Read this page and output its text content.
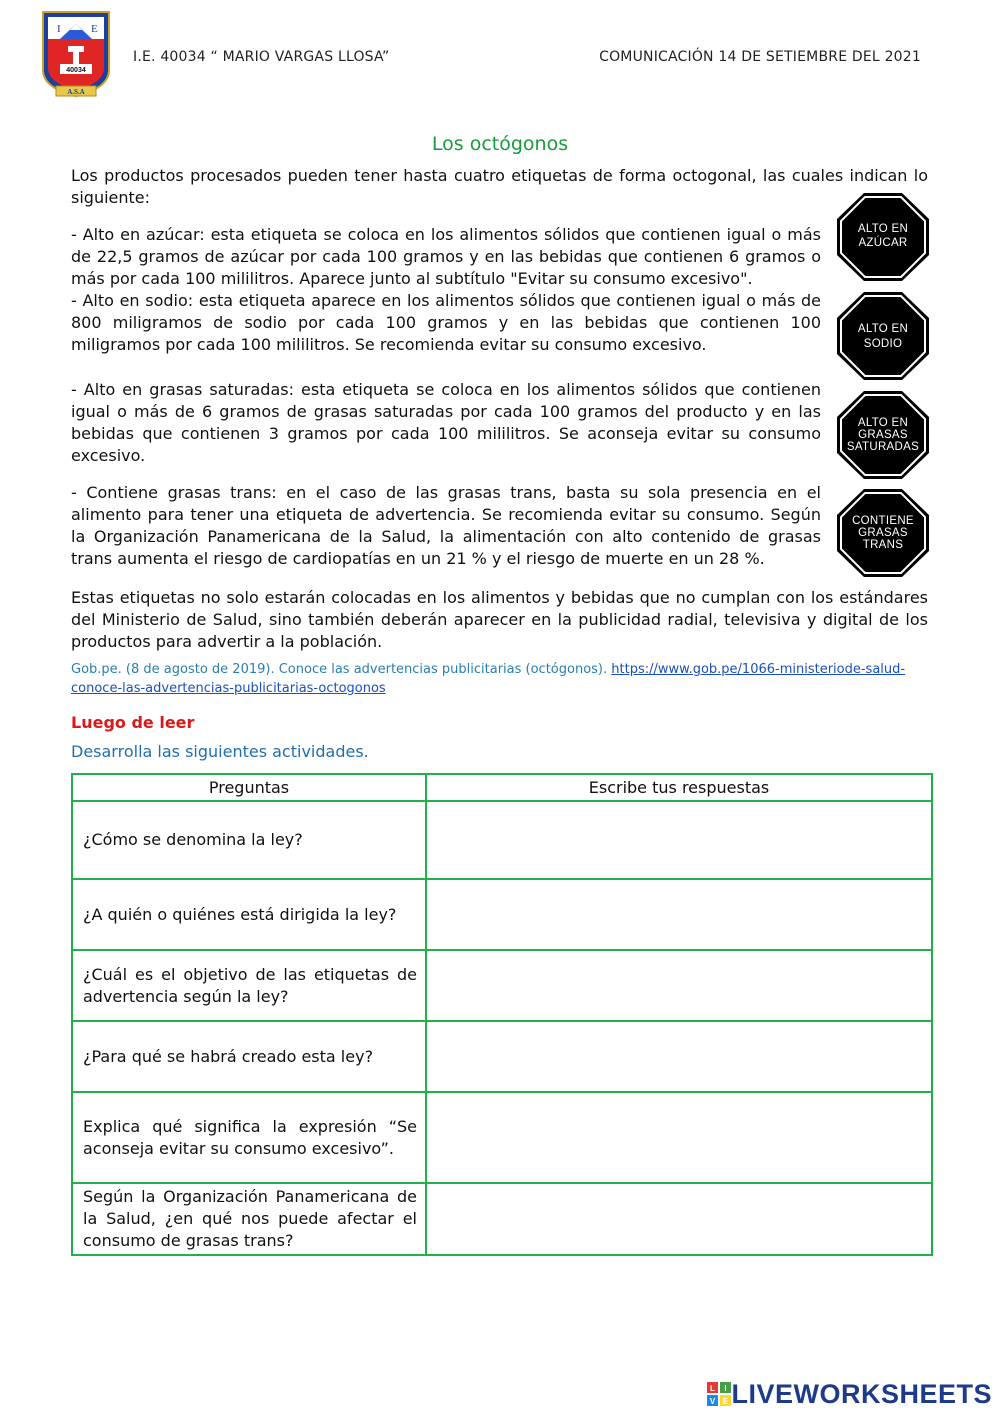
I	E
40034
A.S.A
I.E. 40034 “ MARIO VARGAS LLOSA”	COMUNICACIÓN 14 DE SETIEMBRE DEL 2021
Los octógonos
Los productos procesados pueden tener hasta cuatro etiquetas de forma octogonal, las cuales indican lo siguiente:
- Alto en azúcar: esta etiqueta se coloca en los alimentos sólidos que contienen igual o más de 22,5 gramos de azúcar por cada 100 gramos y en las bebidas que contienen 6 gramos o más por cada 100 mililitros. Aparece junto al subtítulo "Evitar su consumo excesivo".
- Alto en sodio: esta etiqueta aparece en los alimentos sólidos que contienen igual o más de 800 miligramos de sodio por cada 100 gramos y en las bebidas que contienen 100 miligramos por cada 100 mililitros. Se recomienda evitar su consumo excesivo.
- Alto en grasas saturadas: esta etiqueta se coloca en los alimentos sólidos que contienen igual o más de 6 gramos de grasas saturadas por cada 100 gramos del producto y en las bebidas que contienen 3 gramos por cada 100 mililitros. Se aconseja evitar su consumo excesivo.
- Contiene grasas trans: en el caso de las grasas trans, basta su sola presencia en el alimento para tener una etiqueta de advertencia. Se recomienda evitar su consumo. Según la Organización Panamericana de la Salud, la alimentación con alto contenido de grasas trans aumenta el riesgo de cardiopatías en un 21 % y el riesgo de muerte en un 28 %.
Estas etiquetas no solo estarán colocadas en los alimentos y bebidas que no cumplan con los estándares del Ministerio de Salud, sino también deberán aparecer en la publicidad radial, televisiva y digital de los productos para advertir a la población.
ALTO EN
AZÚCAR
ALTO EN
SODIO
ALTO EN
GRASAS
SATURADAS
CONTIENE
GRASAS
TRANS
Gob.pe. (8 de agosto de 2019). Conoce las advertencias publicitarias (octógonos). https://www.gob.pe/1066-ministeriode-salud-conoce-las-advertencias-publicitarias-octogonos
Luego de leer
Desarrolla las siguientes actividades.
Preguntas	Escribe tus respuestas
¿Cómo se denomina la ley?	
¿A quién o quiénes está dirigida la ley?	
¿Cuál es el objetivo de las etiquetas de advertencia según la ley?	
¿Para qué se habrá creado esta ley?	
Explica qué significa la expresión “Se aconseja evitar su consumo excesivo”.	
Según la Organización Panamericana de la Salud, ¿en qué nos puede afectar el consumo de grasas trans?	
L I
V E LIVEWORKSHEETS
